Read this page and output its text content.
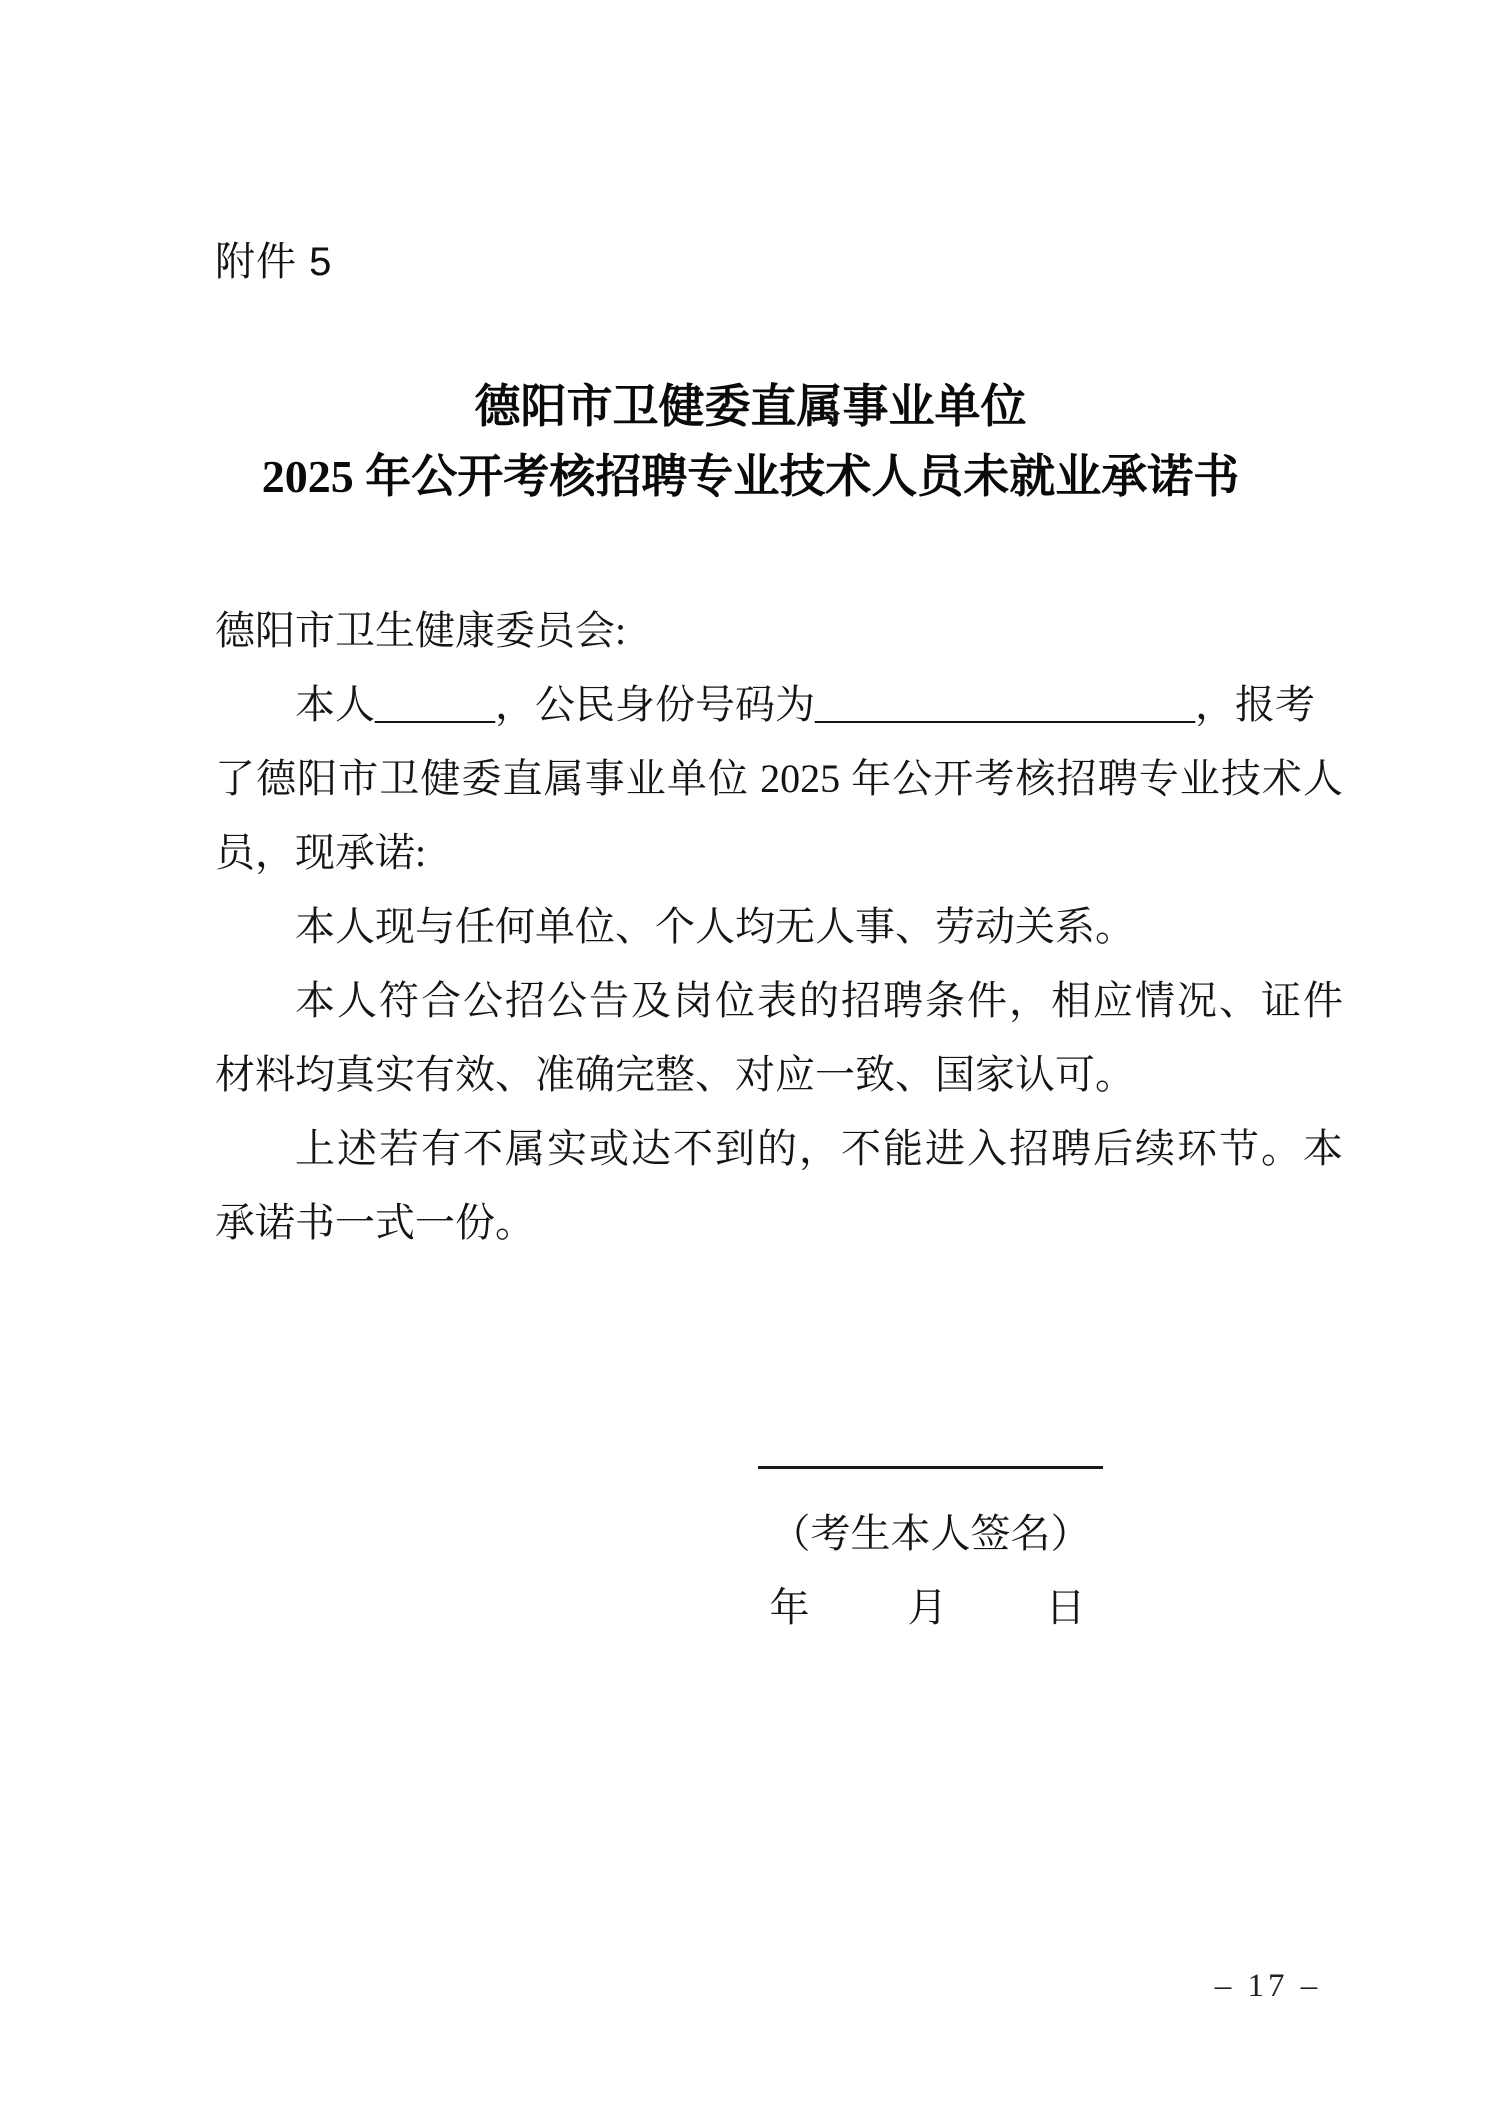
附件 5
德阳市卫健委直属事业单位
2025 年公开考核招聘专业技术人员未就业承诺书
德阳市卫生健康委员会:
本人______，公民身份号码为___________________，报考
了德阳市卫健委直属事业单位 2025 年公开考核招聘专业技术人
员，现承诺:
本人现与任何单位、个人均无人事、劳动关系。
本人符合公招公告及岗位表的招聘条件，相应情况、证件
材料均真实有效、准确完整、对应一致、国家认可。
上述若有不属实或达不到的，不能进入招聘后续环节。本
承诺书一式一份。
（考生本人签名）
年　　月　　日
– 17 –
